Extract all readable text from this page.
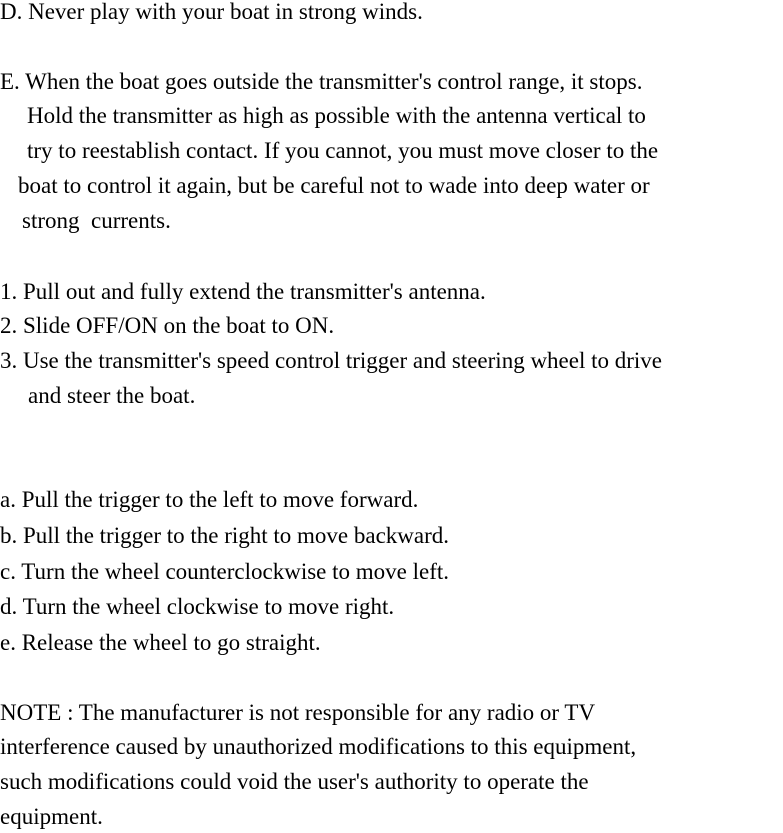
D. Never play with your boat in strong winds.

E. When the boat goes outside the transmitter's control range, it stops.

Hold the transmitter as high as possible with the antenna vertical to

try to reestablish contact. If you cannot, you must move closer to the

boat to control it again, but be careful not to wade into deep water or

strong  currents.

1. Pull out and fully extend the transmitter's antenna.

2. Slide OFF/ON on the boat to ON.

3. Use the transmitter's speed control trigger and steering wheel to drive

and steer the boat.

a. Pull the trigger to the left to move forward.

b. Pull the trigger to the right to move backward.

c. Turn the wheel counterclockwise to move left.

d. Turn the wheel clockwise to move right.

e. Release the wheel to go straight.

NOTE : The manufacturer is not responsible for any radio or TV

interference caused by unauthorized modifications to this equipment,

such modifications could void the user's authority to operate the

equipment.
